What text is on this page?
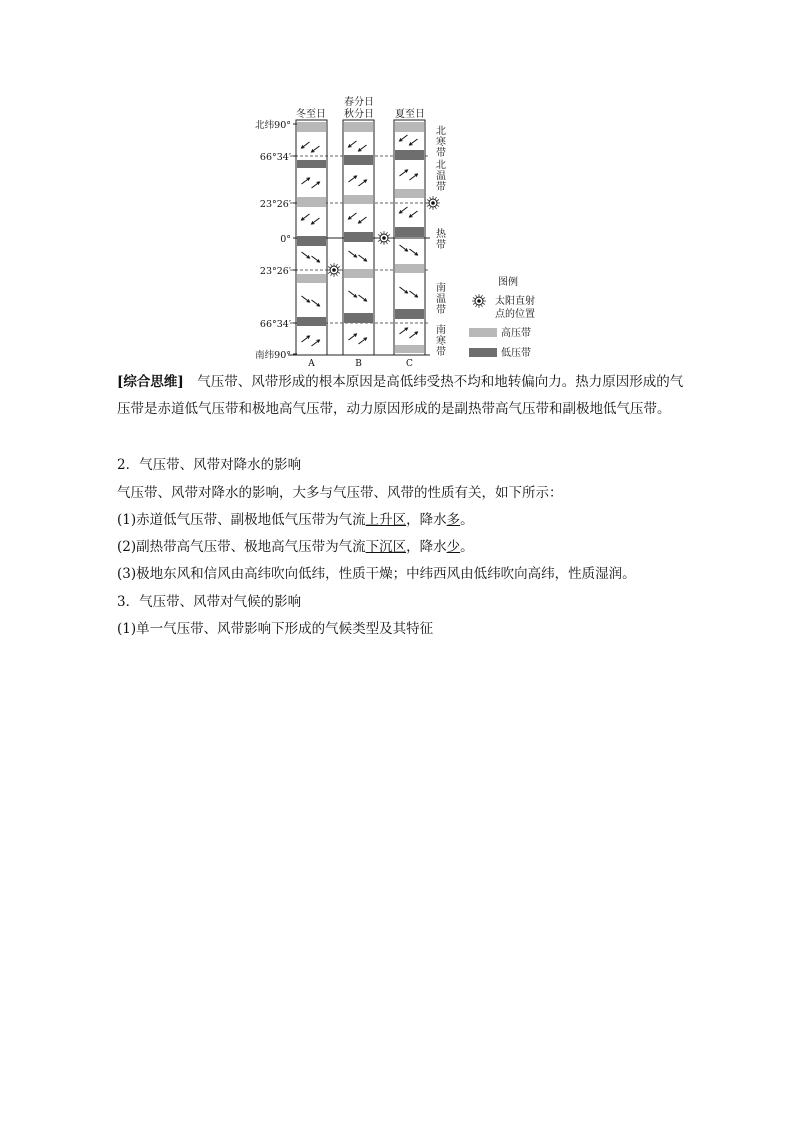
冬至日
春分日
秋分日 夏至日
A	B	C
北纬90°
66°34′
23°26′
0°
23°26′
66°34′
南纬90°
北
寒
带
北
温
带
热
带
南
温
带
南
寒
带
图例
太阳直射
点的位置
高压带
低压带
[综合思维]　气压带、风带形成的根本原因是高低纬受热不均和地转偏向力。热力原因形成的气压带是赤道低气压带和极地高气压带，动力原因形成的是副热带高气压带和副极地低气压带。
2．气压带、风带对降水的影响
气压带、风带对降水的影响，大多与气压带、风带的性质有关，如下所示：
(1)赤道低气压带、副极地低气压带为气流上升区，降水多。
(2)副热带高气压带、极地高气压带为气流下沉区，降水少。
(3)极地东风和信风由高纬吹向低纬，性质干燥；中纬西风由低纬吹向高纬，性质湿润。
3．气压带、风带对气候的影响
(1)单一气压带、风带影响下形成的气候类型及其特征
